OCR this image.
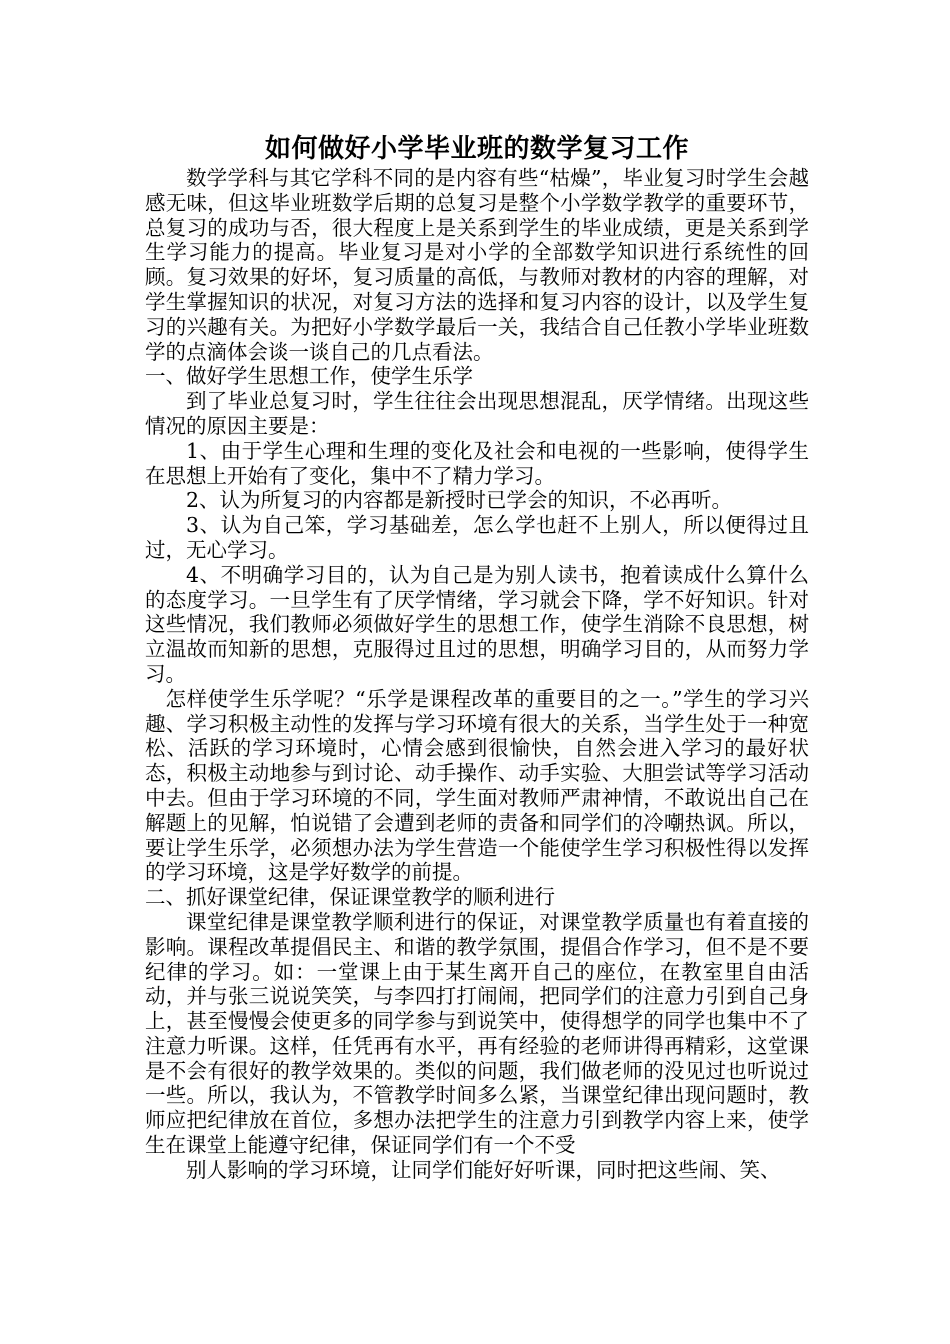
如何做好小学毕业班的数学复习工作

数学学科与其它学科不同的是内容有些“枯燥”，毕业复习时学生会越感无味，但这毕业班数学后期的总复习是整个小学数学教学的重要环节，总复习的成功与否，很大程度上是关系到学生的毕业成绩，更是关系到学生学习能力的提高。毕业复习是对小学的全部数学知识进行系统性的回顾。复习效果的好坏，复习质量的高低，与教师对教材的内容的理解，对学生掌握知识的状况，对复习方法的选择和复习内容的设计，以及学生复习的兴趣有关。为把好小学数学最后一关，我结合自己任教小学毕业班数学的点滴体会谈一谈自己的几点看法。

一、做好学生思想工作，使学生乐学

到了毕业总复习时，学生往往会出现思想混乱，厌学情绪。出现这些情况的原因主要是：

1、由于学生心理和生理的变化及社会和电视的一些影响，使得学生在思想上开始有了变化，集中不了精力学习。

2、认为所复习的内容都是新授时已学会的知识，不必再听。

3、认为自己笨，学习基础差，怎么学也赶不上别人，所以便得过且过，无心学习。

4、不明确学习目的，认为自己是为别人读书，抱着读成什么算什么的态度学习。一旦学生有了厌学情绪，学习就会下降，学不好知识。针对这些情况，我们教师必须做好学生的思想工作，使学生消除不良思想，树立温故而知新的思想，克服得过且过的思想，明确学习目的，从而努力学习。

怎样使学生乐学呢？“乐学是课程改革的重要目的之一。”学生的学习兴趣、学习积极主动性的发挥与学习环境有很大的关系，当学生处于一种宽松、活跃的学习环境时，心情会感到很愉快，自然会进入学习的最好状态，积极主动地参与到讨论、动手操作、动手实验、大胆尝试等学习活动中去。但由于学习环境的不同，学生面对教师严肃神情，不敢说出自己在解题上的见解，怕说错了会遭到老师的责备和同学们的冷嘲热讽。所以，要让学生乐学，必须想办法为学生营造一个能使学生学习积极性得以发挥的学习环境，这是学好数学的前提。

二、抓好课堂纪律，保证课堂教学的顺利进行

课堂纪律是课堂教学顺利进行的保证，对课堂教学质量也有着直接的影响。课程改革提倡民主、和谐的教学氛围，提倡合作学习，但不是不要纪律的学习。如：一堂课上由于某生离开自己的座位，在教室里自由活动，并与张三说说笑笑，与李四打打闹闹，把同学们的注意力引到自己身上，甚至慢慢会使更多的同学参与到说笑中，使得想学的同学也集中不了注意力听课。这样，任凭再有水平，再有经验的老师讲得再精彩，这堂课是不会有很好的教学效果的。类似的问题，我们做老师的没见过也听说过一些。所以，我认为，不管教学时间多么紧，当课堂纪律出现问题时，教师应把纪律放在首位，多想办法把学生的注意力引到教学内容上来，使学生在课堂上能遵守纪律，保证同学们有一个不受

别人影响的学习环境，让同学们能好好听课，同时把这些闹、笑、
